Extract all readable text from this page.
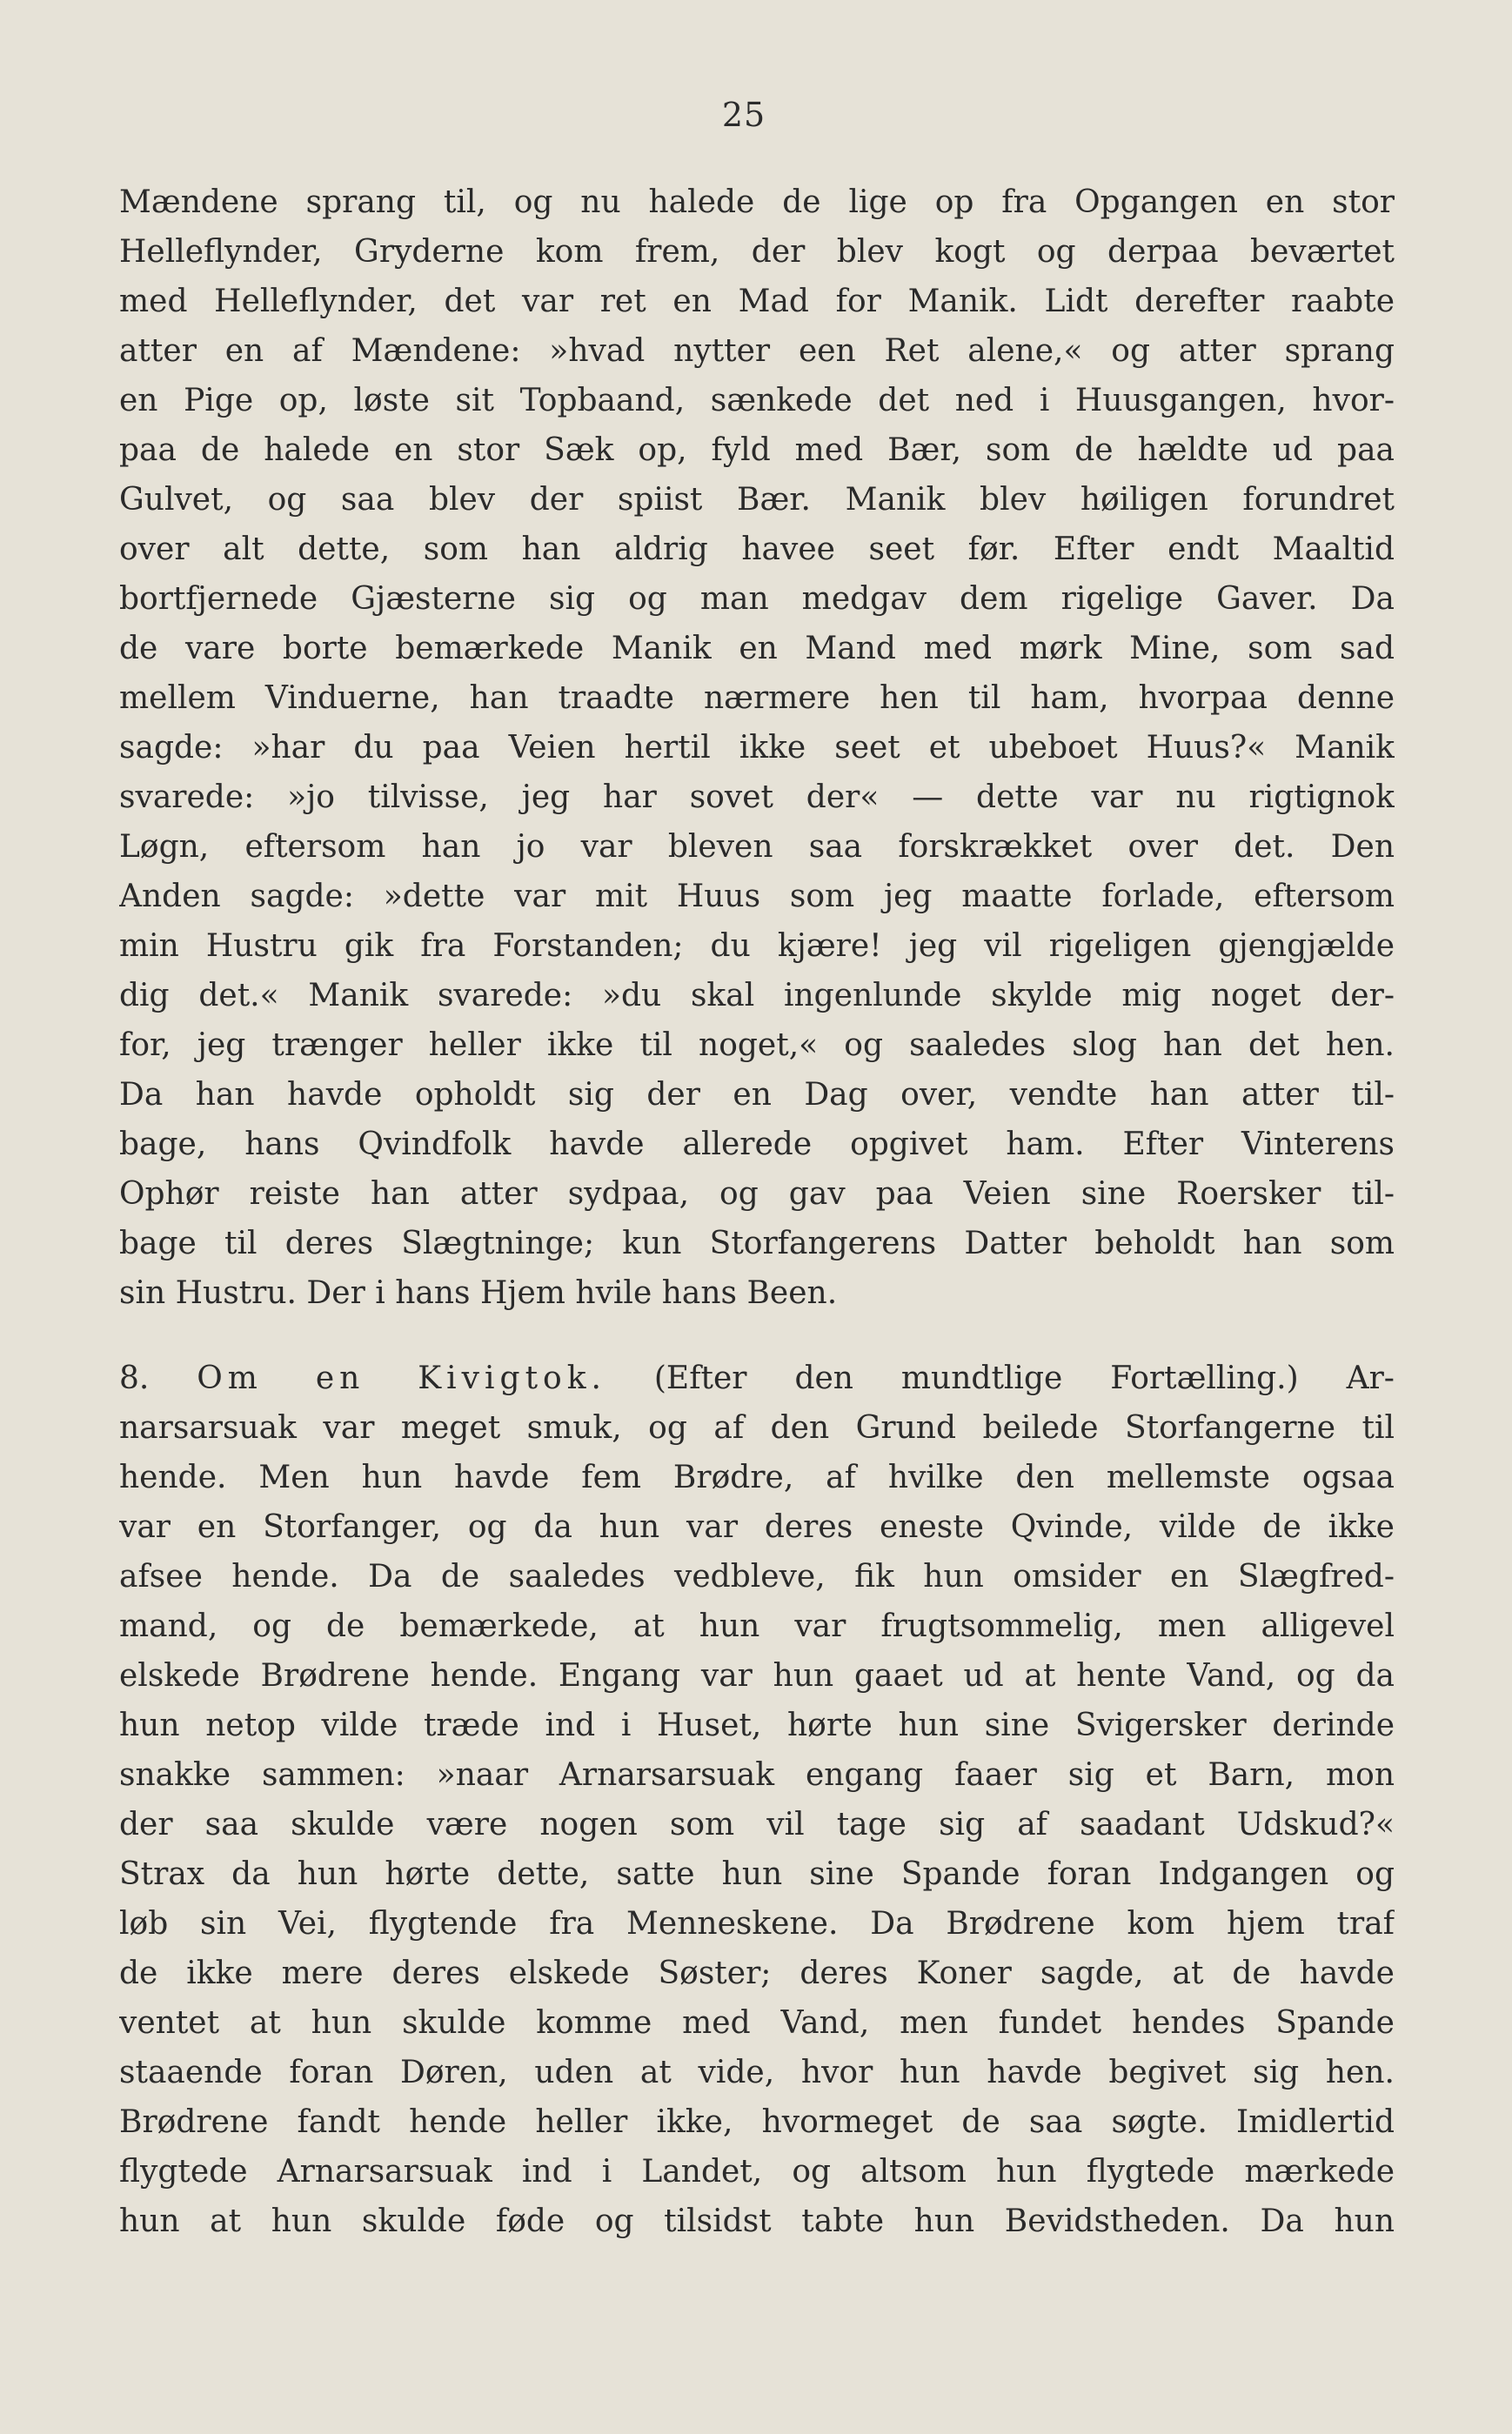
25
Mændene sprang til, og nu halede de lige op fra Opgangen en stor
Helleflynder, Gryderne kom frem, der blev kogt og derpaa beværtet
med Helleflynder, det var ret en Mad for Manik. Lidt derefter raabte
atter en af Mændene: »hvad nytter een Ret alene,« og atter sprang
en Pige op, løste sit Topbaand, sænkede det ned i Huusgangen, hvor-
paa de halede en stor Sæk op, fyld med Bær, som de hældte ud paa
Gulvet, og saa blev der spiist Bær. Manik blev høiligen forundret
over alt dette, som han aldrig havee seet før. Efter endt Maaltid
bortfjernede Gjæsterne sig og man medgav dem rigelige Gaver. Da
de vare borte bemærkede Manik en Mand med mørk Mine, som sad
mellem Vinduerne, han traadte nærmere hen til ham, hvorpaa denne
sagde: »har du paa Veien hertil ikke seet et ubeboet Huus?« Manik
svarede: »jo tilvisse, jeg har sovet der« — dette var nu rigtignok
Løgn, eftersom han jo var bleven saa forskrækket over det. Den
Anden sagde: »dette var mit Huus som jeg maatte forlade, eftersom
min Hustru gik fra Forstanden; du kjære! jeg vil rigeligen gjengjælde
dig det.« Manik svarede: »du skal ingenlunde skylde mig noget der-
for, jeg trænger heller ikke til noget,« og saaledes slog han det hen.
Da han havde opholdt sig der en Dag over, vendte han atter til-
bage, hans Qvindfolk havde allerede opgivet ham. Efter Vinterens
Ophør reiste han atter sydpaa, og gav paa Veien sine Roersker til-
bage til deres Slægtninge; kun Storfangerens Datter beholdt han som
sin Hustru. Der i hans Hjem hvile hans Been.
8. Om en Kivigtok. (Efter den mundtlige Fortælling.) Ar-
narsarsuak var meget smuk, og af den Grund beilede Storfangerne til
hende. Men hun havde fem Brødre, af hvilke den mellemste ogsaa
var en Storfanger, og da hun var deres eneste Qvinde, vilde de ikke
afsee hende. Da de saaledes vedbleve, fik hun omsider en Slægfred-
mand, og de bemærkede, at hun var frugtsommelig, men alligevel
elskede Brødrene hende. Engang var hun gaaet ud at hente Vand, og da
hun netop vilde træde ind i Huset, hørte hun sine Svigersker derinde
snakke sammen: »naar Arnarsarsuak engang faaer sig et Barn, mon
der saa skulde være nogen som vil tage sig af saadant Udskud?«
Strax da hun hørte dette, satte hun sine Spande foran Indgangen og
løb sin Vei, flygtende fra Menneskene. Da Brødrene kom hjem traf
de ikke mere deres elskede Søster; deres Koner sagde, at de havde
ventet at hun skulde komme med Vand, men fundet hendes Spande
staaende foran Døren, uden at vide, hvor hun havde begivet sig hen.
Brødrene fandt hende heller ikke, hvormeget de saa søgte. Imidlertid
flygtede Arnarsarsuak ind i Landet, og altsom hun flygtede mærkede
hun at hun skulde føde og tilsidst tabte hun Bevidstheden. Da hun
